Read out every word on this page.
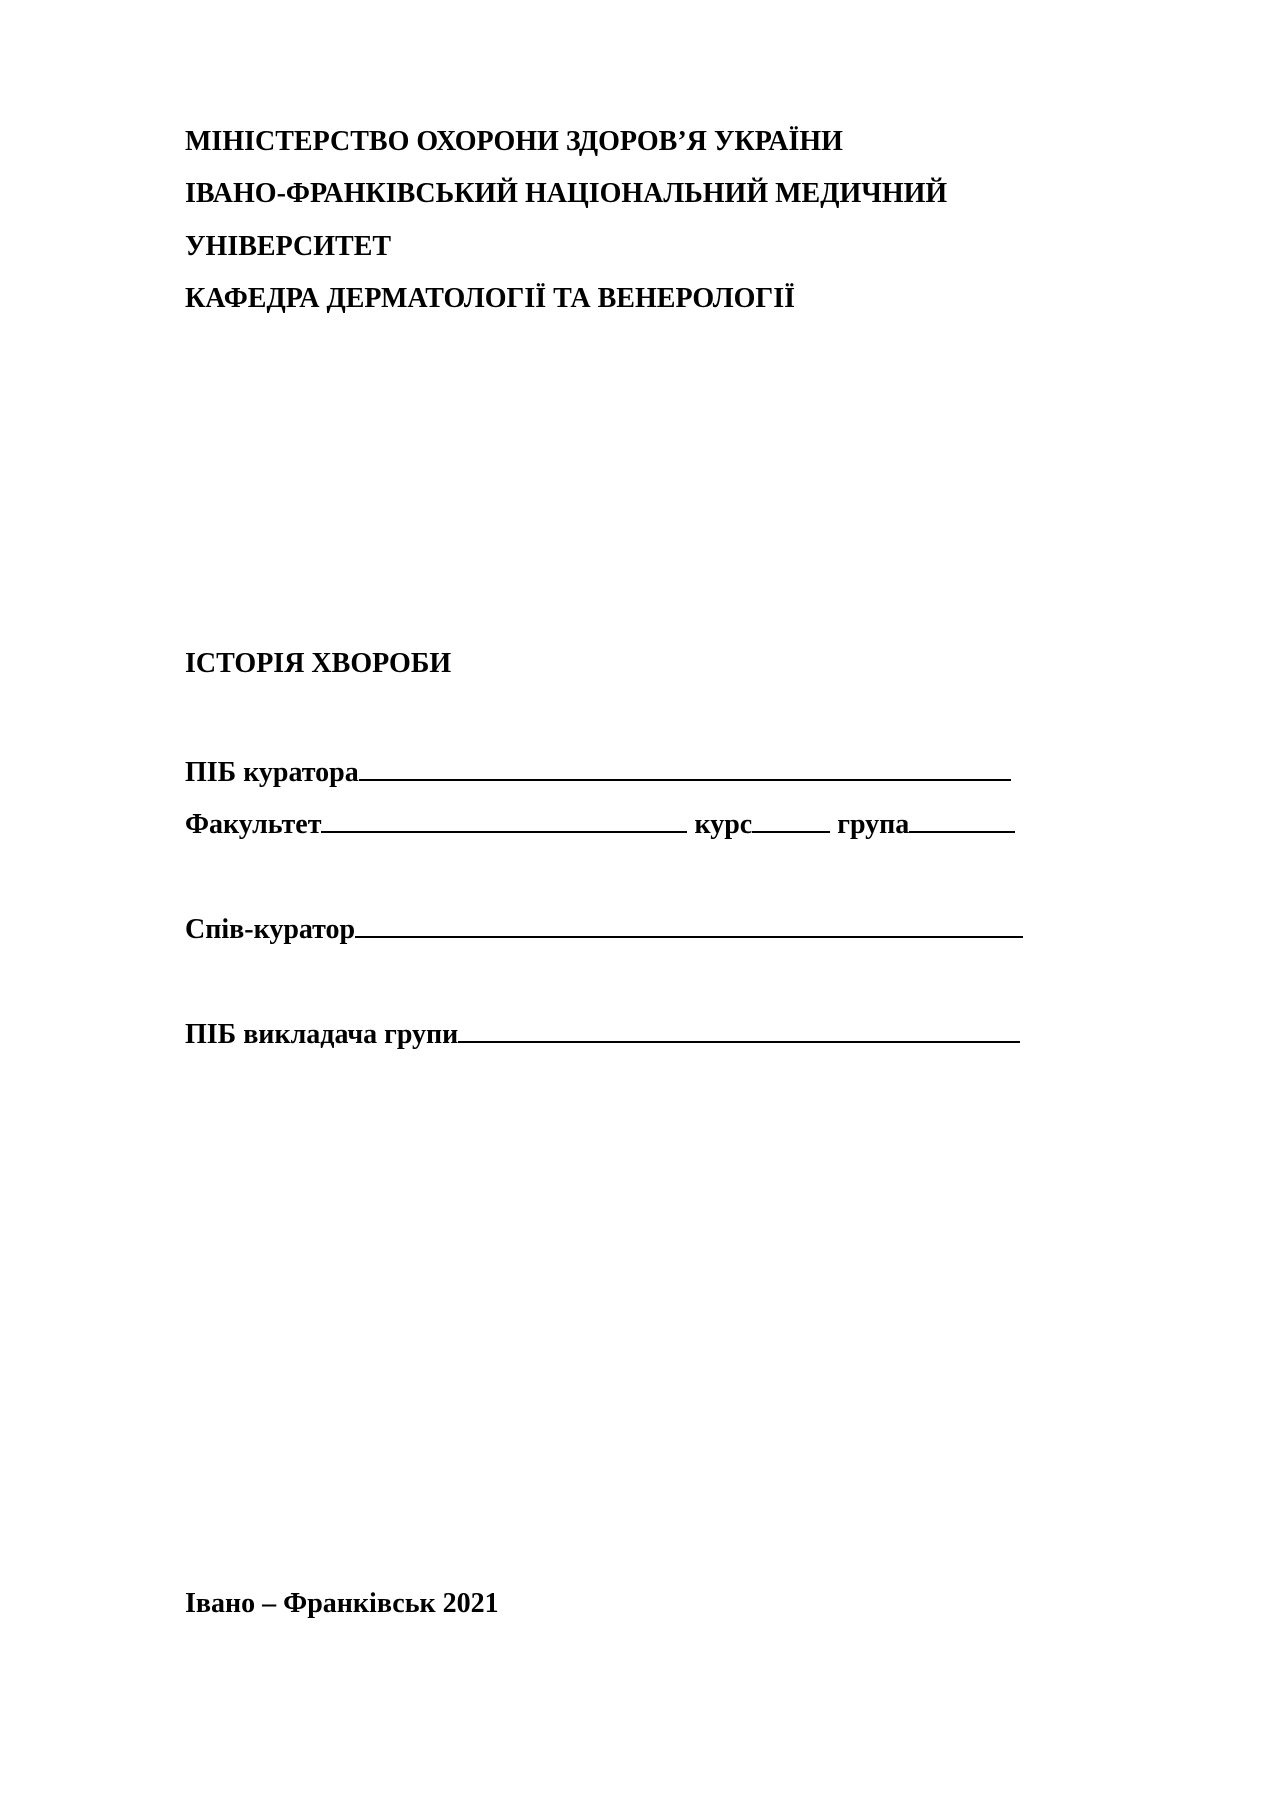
МІНІСТЕРСТВО ОХОРОНИ ЗДОРОВ’Я УКРАЇНИ

ІВАНО-ФРАНКІВСЬКИЙ НАЦІОНАЛЬНИЙ МЕДИЧНИЙ

УНІВЕРСИТЕТ

КАФЕДРА ДЕРМАТОЛОГІЇ ТА ВЕНЕРОЛОГІЇ

ІСТОРІЯ ХВОРОБИ

ПІБ куратора

Факультет	курс	група

Спів-куратор

ПІБ викладача групи

Івано – Франківськ 2021
